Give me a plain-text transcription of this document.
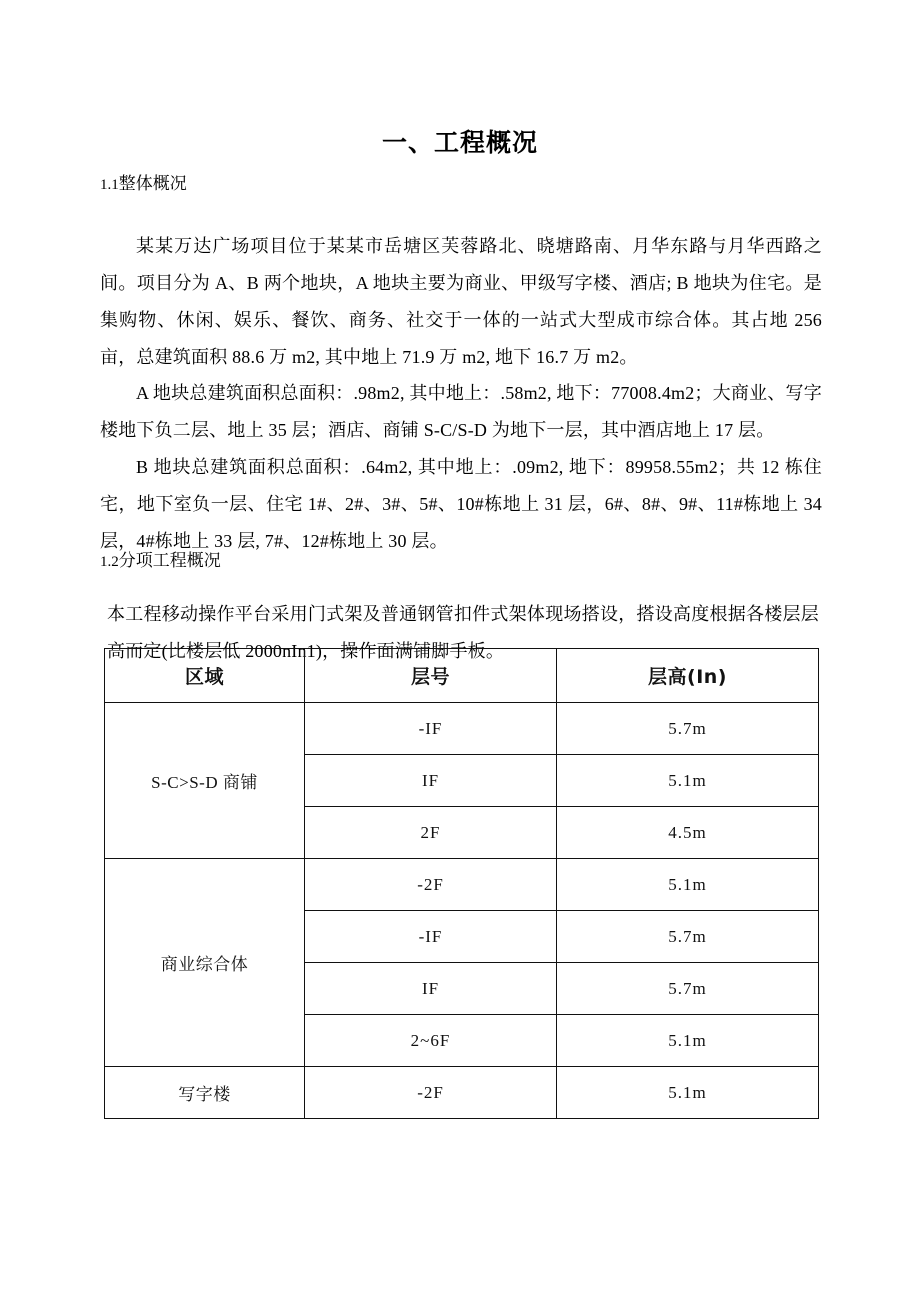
一、工程概况
1.1整体概况

某某万达广场项目位于某某市岳塘区芙蓉路北、晓塘路南、月华东路与月华西路之间。项目分为 A、B 两个地块，A 地块主要为商业、甲级写字楼、酒店; B 地块为住宅。是集购物、休闲、娱乐、餐饮、商务、社交于一体的一站式大型成市综合体。其占地 256 亩，总建筑面积 88.6 万 m2, 其中地上 71.9 万 m2, 地下 16.7 万 m2。

A 地块总建筑面积总面积：.98m2, 其中地上：.58m2, 地下：77008.4m2；大商业、写字楼地下负二层、地上 35 层；酒店、商铺 S-C/S-D 为地下一层，其中酒店地上 17 层。

B 地块总建筑面积总面积：.64m2, 其中地上：.09m2, 地下：89958.55m2；共 12 栋住宅，地下室负一层、住宅 1#、2#、3#、5#、10#栋地上 31 层，6#、8#、9#、11#栋地上 34 层，4#栋地上 33 层, 7#、12#栋地上 30 层。

1.2分项工程概况

本工程移动操作平台采用门式架及普通钢管扣件式架体现场搭设，搭设高度根据各楼层层高而定(比楼层低 2000nIn1)，操作面满铺脚手板。

区域	层号	层高(In)
S-C>S-D 商铺	-IF	5.7m
	IF	5.1m
	2F	4.5m
商业综合体	-2F	5.1m
	-IF	5.7m
	IF	5.7m
	2~6F	5.1m
写字楼	-2F	5.1m
